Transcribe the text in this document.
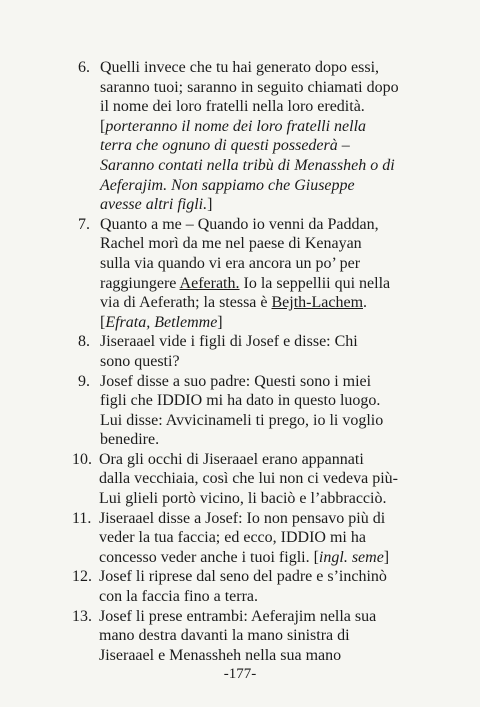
6. Quelli invece che tu hai generato dopo essi,
saranno tuoi; saranno in seguito chiamati dopo
il nome dei loro fratelli nella loro eredità.
[porteranno il nome dei loro fratelli nella
terra che ognuno di questi possederà –
Saranno contati nella tribù di Menassheh o di
Aeferajim. Non sappiamo che Giuseppe
avesse altri figli.]
7. Quanto a me – Quando io venni da Paddan,
Rachel morì da me nel paese di Kenayan
sulla via quando vi era ancora un po’ per
raggiungere Aeferath. Io la seppellii qui nella
via di Aeferath; la stessa è Bejth-Lachem.
[Efrata, Betlemme]
8. Jiseraael vide i figli di Josef e disse: Chi
sono questi?
9. Josef disse a suo padre: Questi sono i miei
figli che IDDIO mi ha dato in questo luogo.
Lui disse: Avvicinameli ti prego, io li voglio
benedire.
10. Ora gli occhi di Jiseraael erano appannati
dalla vecchiaia, così che lui non ci vedeva più-
Lui glieli portò vicino, li baciò e l’abbracciò.
11. Jiseraael disse a Josef: Io non pensavo più di
veder la tua faccia; ed ecco, IDDIO mi ha
concesso veder anche i tuoi figli. [ingl. seme]
12. Josef li riprese dal seno del padre e s’inchinò
con la faccia fino a terra.
13. Josef li prese entrambi: Aeferajim nella sua
mano destra davanti la mano sinistra di
Jiseraael e Menassheh nella sua mano
-177-
